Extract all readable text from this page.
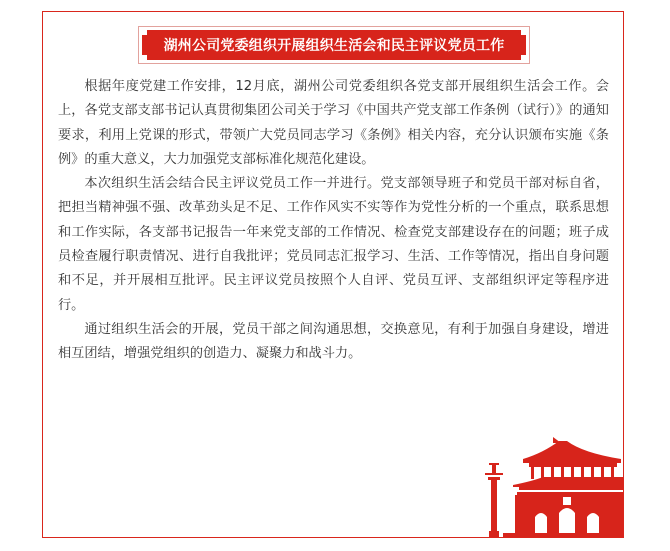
湖州公司党委组织开展组织生活会和民主评议党员工作

根据年度党建工作安排，12月底，湖州公司党委组织各党支部开展组织生活会工作。会上，各党支部支部书记认真贯彻集团公司关于学习《中国共产党支部工作条例（试行）》的通知要求，利用上党课的形式，带领广大党员同志学习《条例》相关内容，充分认识颁布实施《条例》的重大意义，大力加强党支部标准化规范化建设。

本次组织生活会结合民主评议党员工作一并进行。党支部领导班子和党员干部对标自省，把担当精神强不强、改革劲头足不足、工作作风实不实等作为党性分析的一个重点，联系思想和工作实际，各支部书记报告一年来党支部的工作情况、检查党支部建设存在的问题；班子成员检查履行职责情况、进行自我批评；党员同志汇报学习、生活、工作等情况，指出自身问题和不足，并开展相互批评。民主评议党员按照个人自评、党员互评、支部组织评定等程序进行。

通过组织生活会的开展，党员干部之间沟通思想，交换意见，有利于加强自身建设，增进相互团结，增强党组织的创造力、凝聚力和战斗力。
